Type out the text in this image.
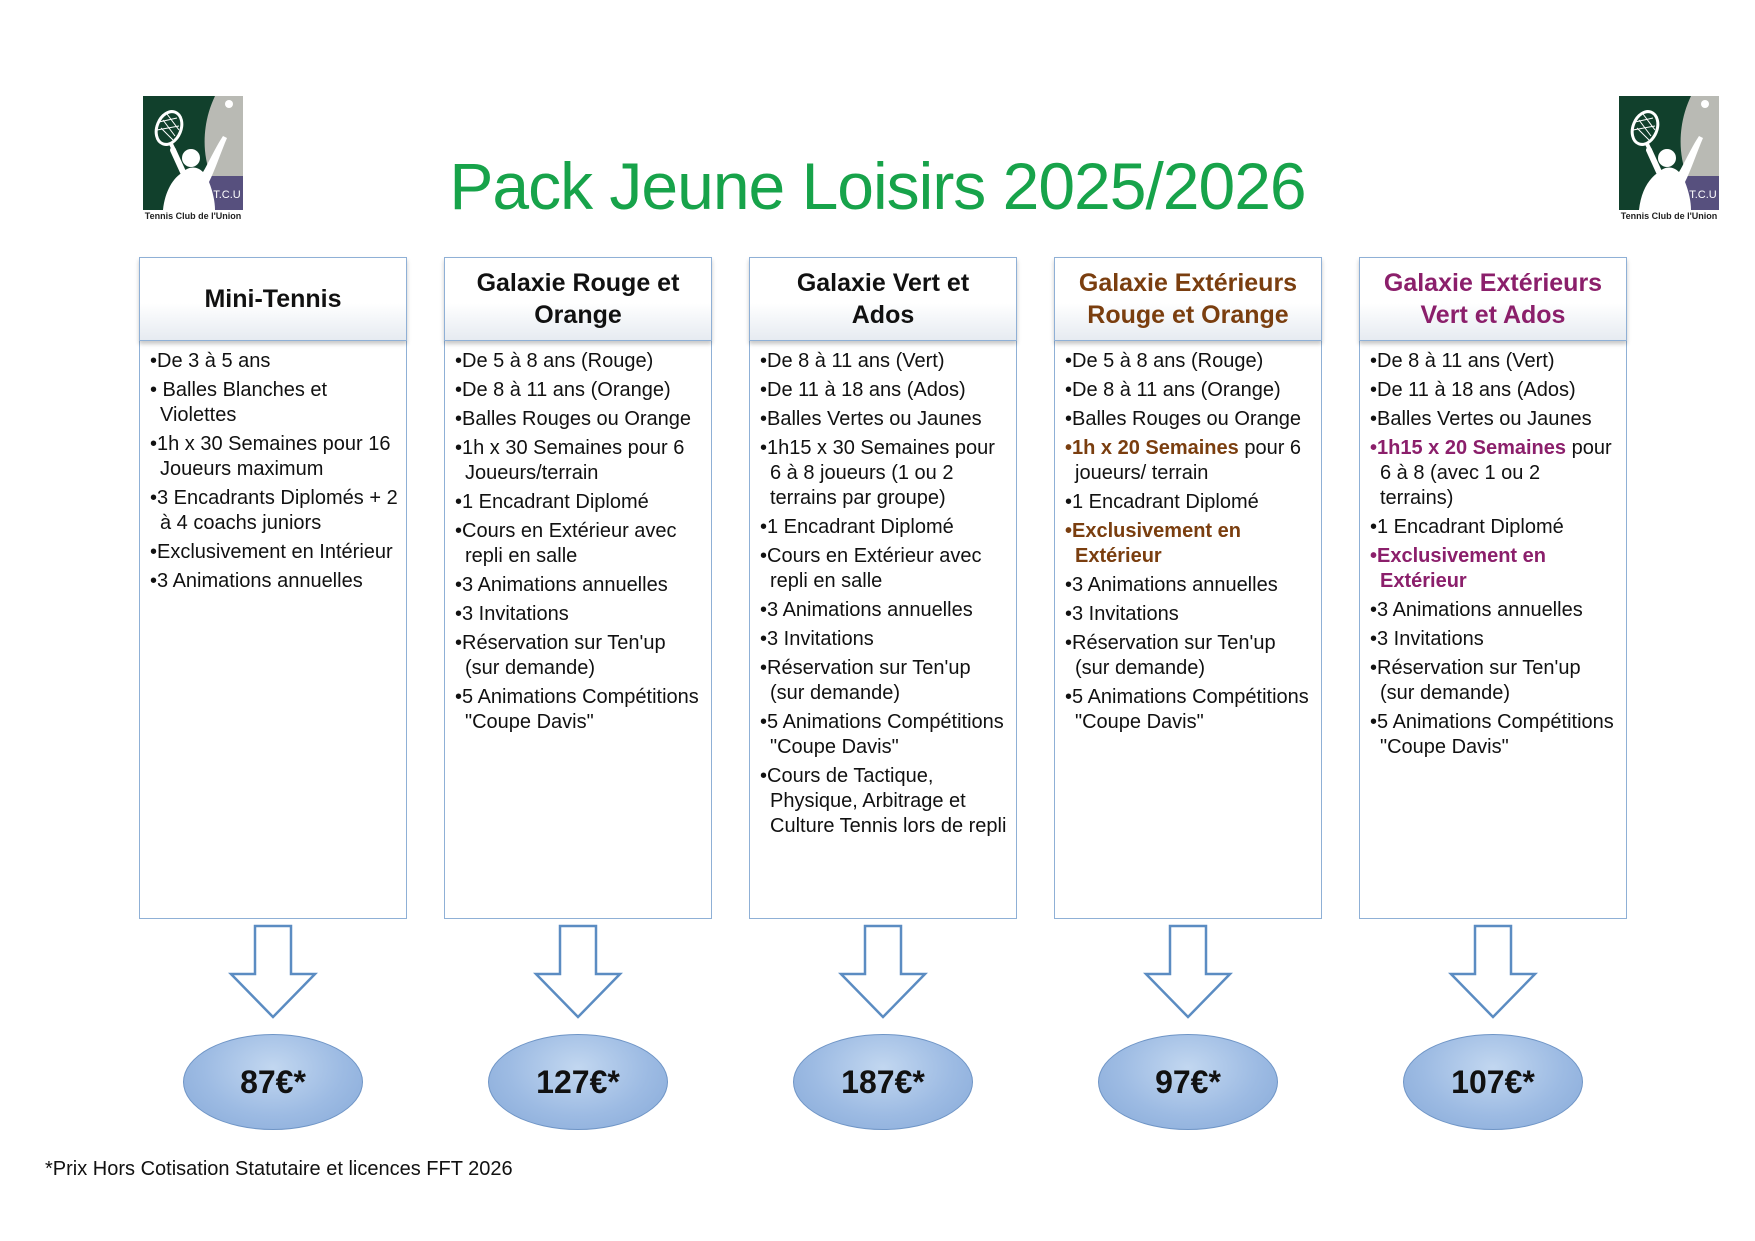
Pack Jeune Loisirs 2025/2026
T.C.U
Tennis Club de l'Union
T.C.U
Tennis Club de l'Union
Mini-Tennis
•De 3 à 5 ans
• Balles Blanches et Violettes
•1h x 30 Semaines pour 16 Joueurs maximum
•3 Encadrants Diplomés + 2 à 4 coachs juniors
•Exclusivement en Intérieur
•3 Animations annuelles
87€*
Galaxie Rouge et Orange
•De 5 à 8 ans (Rouge)
•De 8 à 11 ans (Orange)
•Balles Rouges ou Orange
•1h x 30 Semaines pour 6 Joueurs/terrain
•1 Encadrant Diplomé
•Cours en Extérieur avec repli en salle
•3 Animations annuelles
•3 Invitations
•Réservation sur Ten'up (sur demande)
•5 Animations Compétitions "Coupe Davis"
127€*
Galaxie Vert et Ados
•De 8 à 11 ans (Vert)
•De 11 à 18 ans (Ados)
•Balles Vertes ou Jaunes
•1h15 x 30 Semaines pour 6 à 8 joueurs (1 ou 2 terrains par groupe)
•1 Encadrant Diplomé
•Cours en Extérieur avec repli en salle
•3 Animations annuelles
•3 Invitations
•Réservation sur Ten'up (sur demande)
•5 Animations Compétitions "Coupe Davis"
•Cours de Tactique, Physique, Arbitrage et Culture Tennis lors de repli
187€*
Galaxie Extérieurs Rouge et Orange
•De 5 à 8 ans (Rouge)
•De 8 à 11 ans (Orange)
•Balles Rouges ou Orange
•1h x 20 Semaines pour 6 joueurs/ terrain
•1 Encadrant Diplomé
•Exclusivement en Extérieur
•3 Animations annuelles
•3 Invitations
•Réservation sur Ten'up (sur demande)
•5 Animations Compétitions "Coupe Davis"
97€*
Galaxie Extérieurs Vert et Ados
•De 8 à 11 ans (Vert)
•De 11 à 18 ans (Ados)
•Balles Vertes ou Jaunes
•1h15 x 20 Semaines pour 6 à 8 (avec 1 ou 2 terrains)
•1 Encadrant Diplomé
•Exclusivement en Extérieur
•3 Animations annuelles
•3 Invitations
•Réservation sur Ten'up (sur demande)
•5 Animations Compétitions "Coupe Davis"
107€*
*Prix Hors Cotisation Statutaire et licences FFT 2026
